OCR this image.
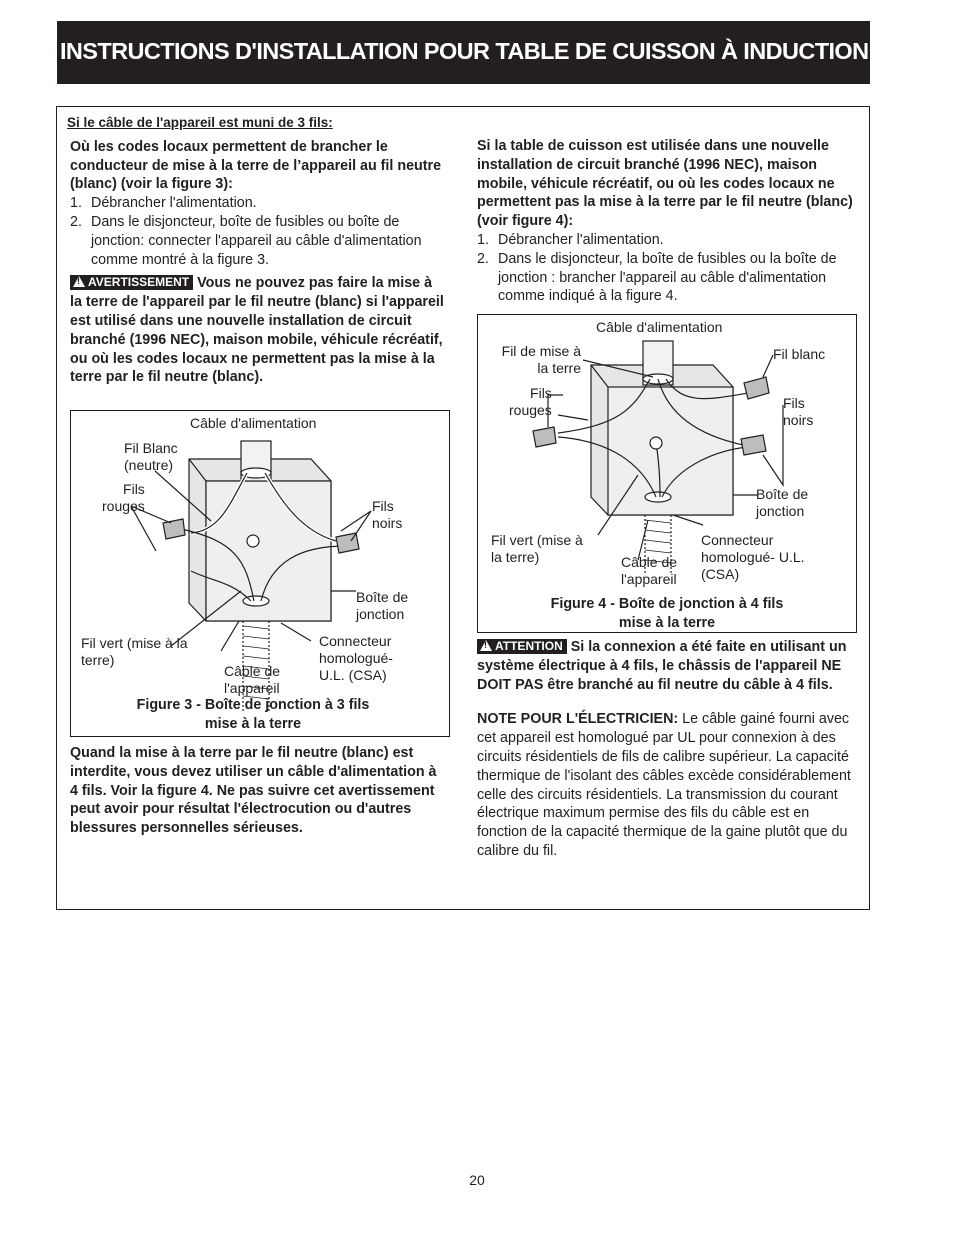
INSTRUCTIONS D'INSTALLATION POUR TABLE DE CUISSON À INDUCTION
Si le câble de l'appareil est muni de 3 fils:
Où les codes locaux permettent de brancher le conducteur de mise à la terre de l’appareil au fil neutre (blanc) (voir la figure 3):
1. Débrancher l'alimentation.
2. Dans le disjoncteur, boîte de fusibles ou boîte de jonction: connecter l'appareil au câble d'alimentation comme montré à la figure 3.
!AVERTISSEMENT Vous ne pouvez pas faire la mise à la terre de l'appareil par le fil neutre (blanc) si l'appareil est utilisé dans une nouvelle installation de circuit branché (1996 NEC), maison mobile, véhicule récréatif, ou où les codes locaux ne permettent pas la mise à la terre par le fil neutre (blanc).
Câble d'alimentation
Fil Blanc
(neutre)
Fils
rouges	Fils
noirs
Boîte de
jonction
Fil vert (mise à la
terre)
Connecteur
homologué-
U.L. (CSA)
Câble de
l'appareil
Figure 3 - Boîte de jonction à 3 fils
mise à la terre
Quand la mise à la terre par le fil neutre (blanc) est interdite, vous devez utiliser un câble d'alimentation à 4 fils. Voir la figure 4. Ne pas suivre cet avertissement peut avoir pour résultat l'électrocution ou d'autres blessures personnelles sérieuses.
Si la table de cuisson est utilisée dans une nouvelle installation de circuit branché (1996 NEC), maison mobile, véhicule récréatif, ou où les codes locaux ne permettent pas la mise à la terre par le fil neutre (blanc) (voir figure 4):
1. Débrancher l'alimentation.
2. Dans le disjoncteur, la boîte de fusibles ou la boîte de jonction : brancher l'appareil au câble d'alimentation comme indiqué à la figure 4.
Câble d'alimentation
Fil de mise à
la terre
Fil blanc
Fils
rouges	Fils
noirs
Boîte de
jonction
Fil vert (mise à
la terre)
Connecteur
homologué- U.L.
(CSA)
Câble de
l'appareil
Figure 4 - Boîte de jonction à 4 fils
mise à la terre
!ATTENTION Si la connexion a été faite en utilisant un système électrique à 4 fils, le châssis de l'appareil NE DOIT PAS être branché au fil neutre du câble à 4 fils.
NOTE POUR L'ÉLECTRICIEN: Le câble gainé fourni avec cet appareil est homologué par UL pour connexion à des circuits résidentiels de fils de calibre supérieur. La capacité thermique de l'isolant des câbles excède considérablement celle des circuits résidentiels. La transmission du courant électrique maximum permise des fils du câble est en fonction de la capacité thermique de la gaine plutôt que du calibre du fil.
20
